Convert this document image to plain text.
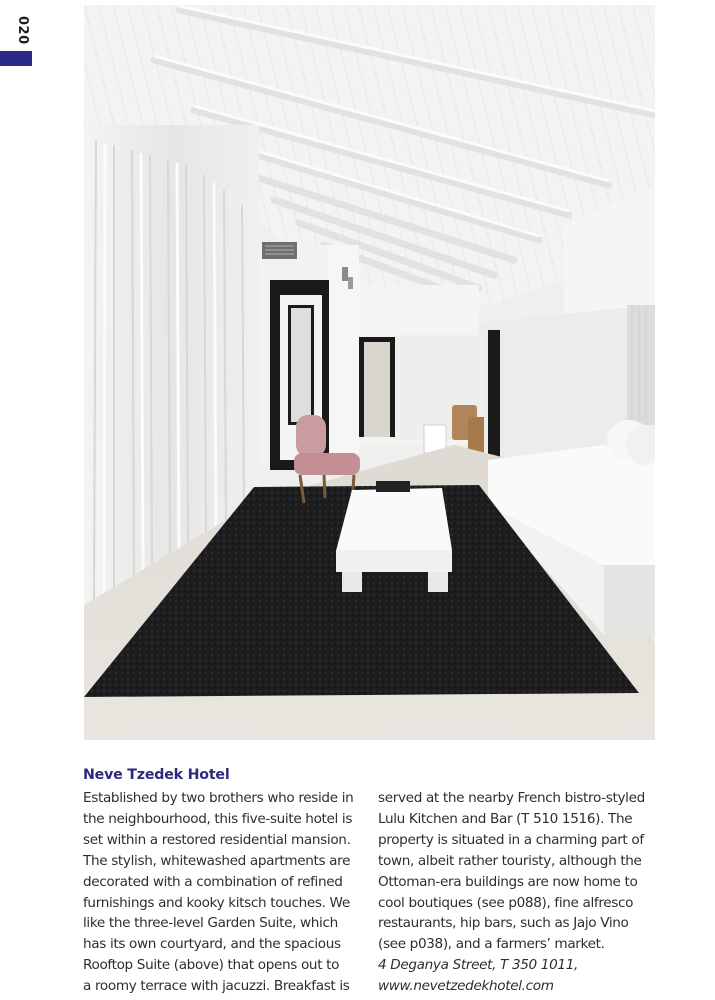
020
Neve Tzedek Hotel
Established by two brothers who reside in
the neighbourhood, this five-suite hotel is
set within a restored residential mansion.
The stylish, whitewashed apartments are
decorated with a combination of refined
furnishings and kooky kitsch touches. We
like the three-level Garden Suite, which
has its own courtyard, and the spacious
Rooftop Suite (above) that opens out to
a roomy terrace with jacuzzi. Breakfast is
served at the nearby French bistro-styled
Lulu Kitchen and Bar (T 510 1516). The
property is situated in a charming part of
town, albeit rather touristy, although the
Ottoman-era buildings are now home to
cool boutiques (see p088), fine alfresco
restaurants, hip bars, such as Jajo Vino
(see p038), and a farmers’ market.
4 Deganya Street, T 350 1011,
www.nevetzedekhotel.com
